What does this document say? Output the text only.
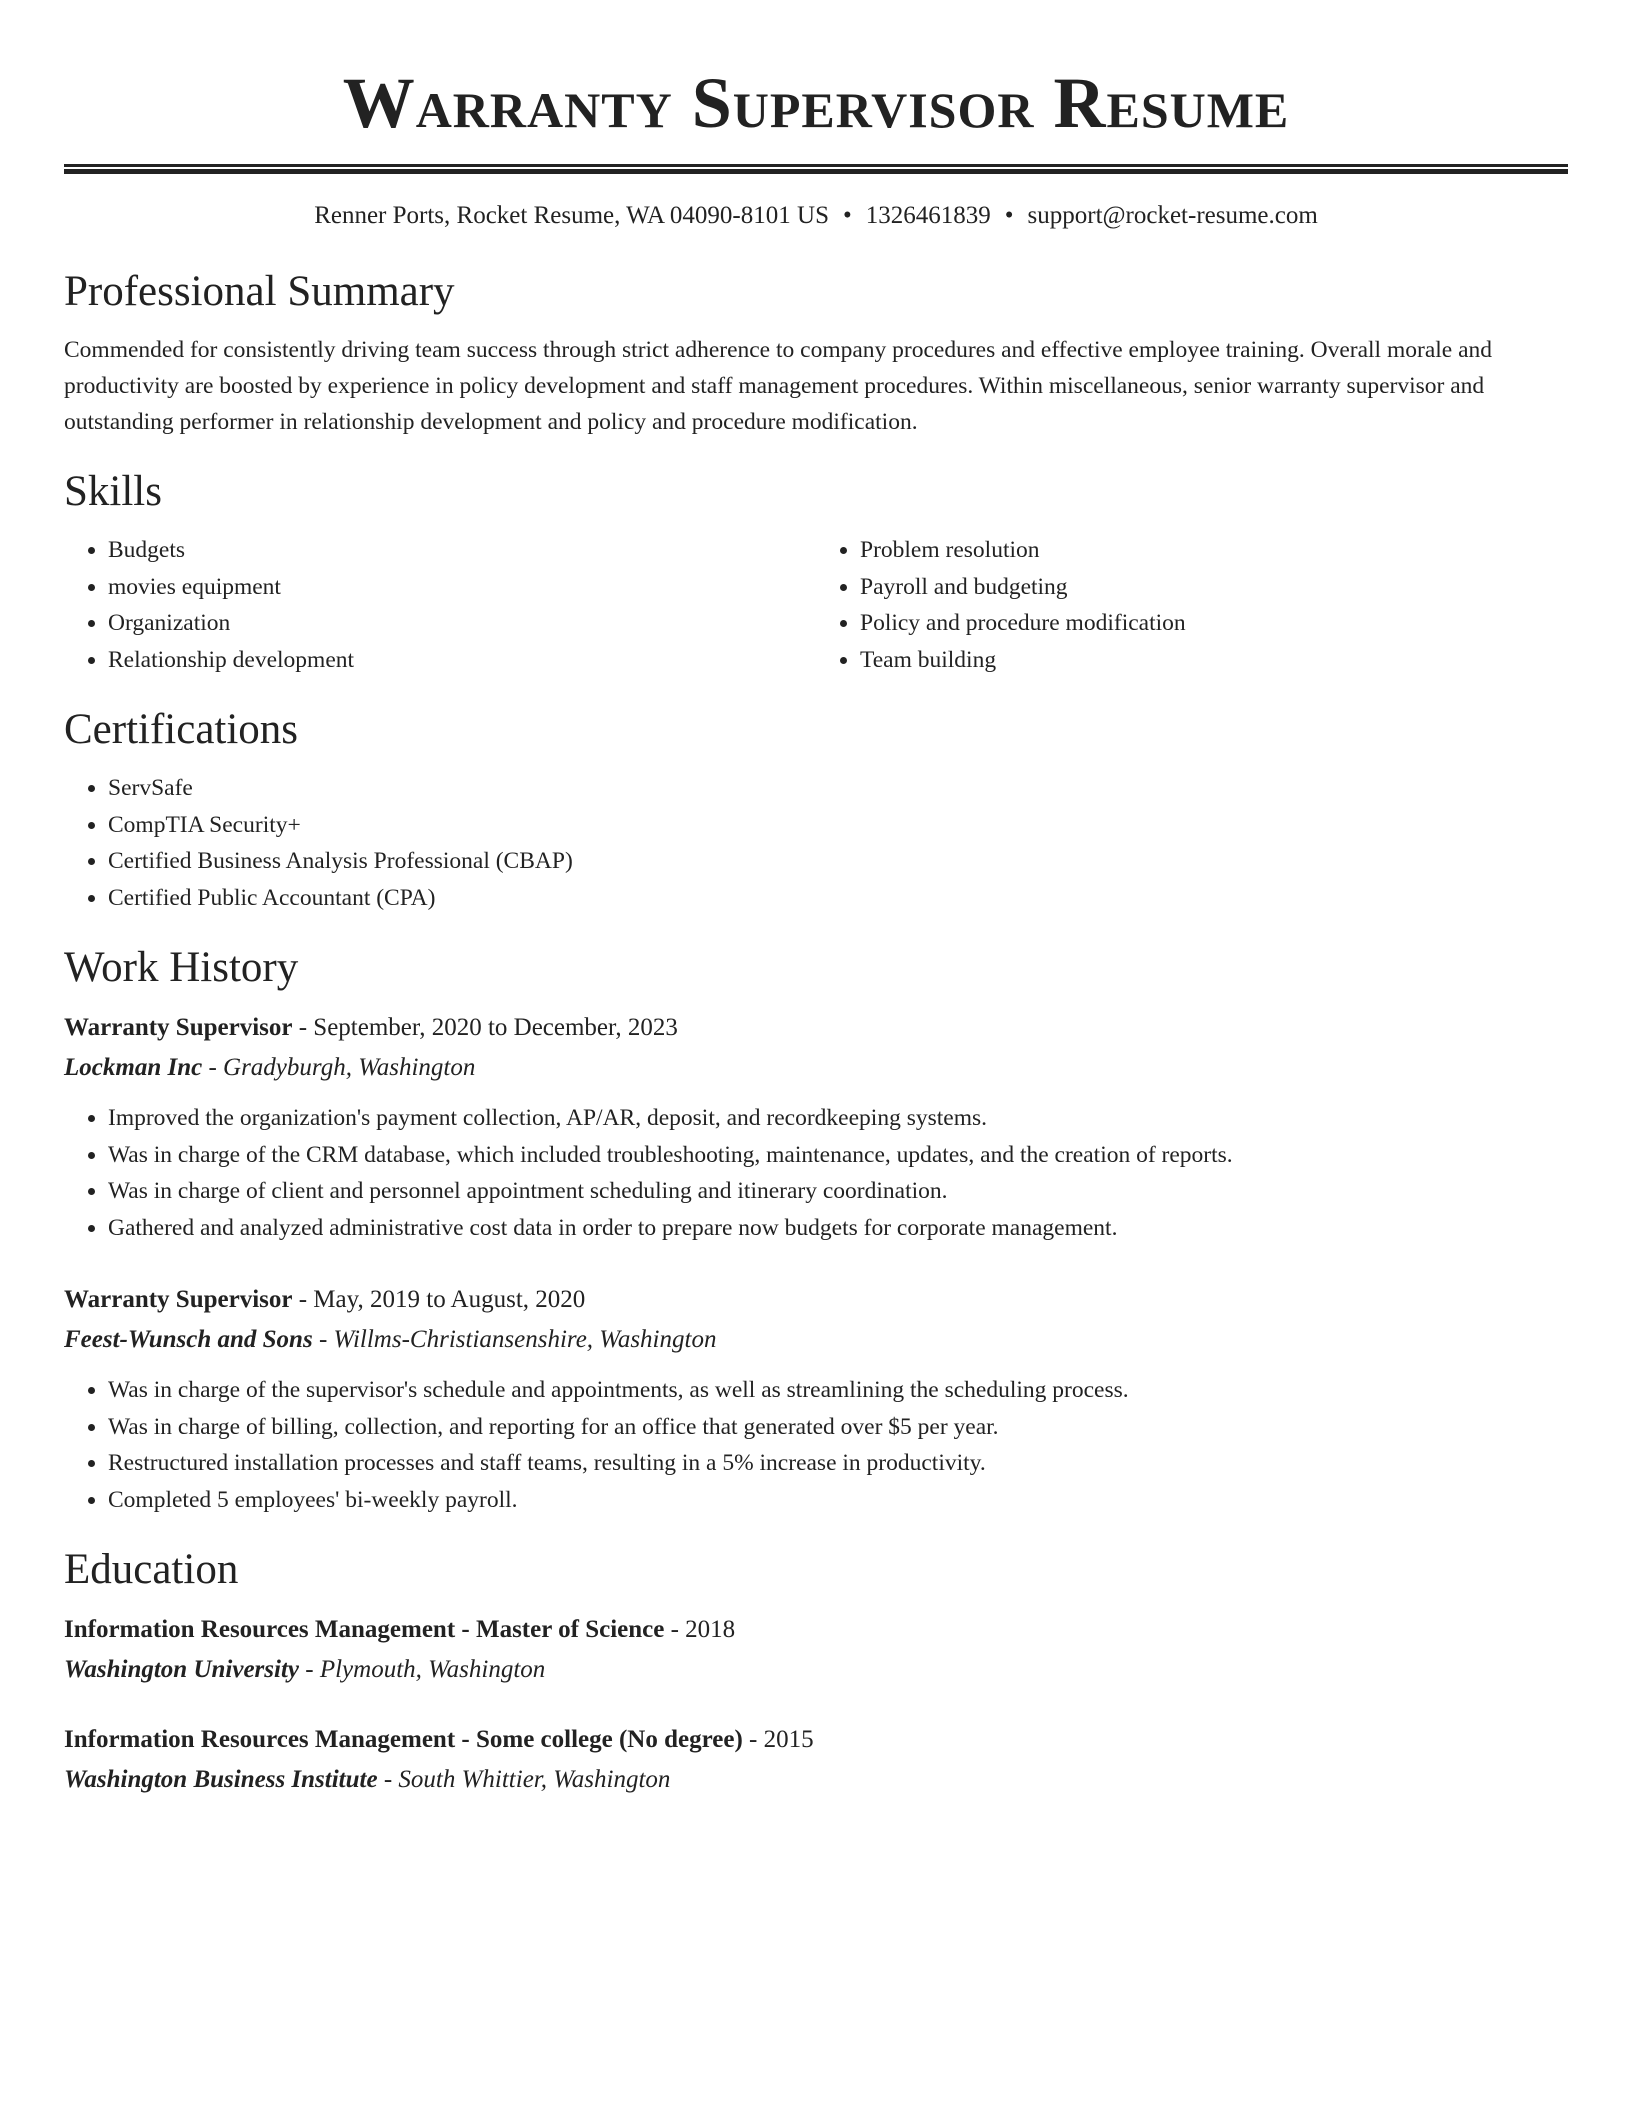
Warranty Supervisor Resume
Renner Ports, Rocket Resume, WA 04090-8101 US • 1326461839 • support@rocket-resume.com
Professional Summary

Commended for consistently driving team success through strict adherence to company procedures and effective employee training. Overall morale and productivity are boosted by experience in policy development and staff management procedures. Within miscellaneous, senior warranty supervisor and outstanding performer in relationship development and policy and procedure modification.

Skills
• Budgets
• movies equipment
• Organization
• Relationship development
• Problem resolution
• Payroll and budgeting
• Policy and procedure modification
• Team building
Certifications
• ServSafe
• CompTIA Security+
• Certified Business Analysis Professional (CBAP)
• Certified Public Accountant (CPA)
Work History
Warranty Supervisor - September, 2020 to December, 2023
Lockman Inc - Gradyburgh, Washington
• Improved the organization's payment collection, AP/AR, deposit, and recordkeeping systems.
• Was in charge of the CRM database, which included troubleshooting, maintenance, updates, and the creation of reports.
• Was in charge of client and personnel appointment scheduling and itinerary coordination.
• Gathered and analyzed administrative cost data in order to prepare now budgets for corporate management.
Warranty Supervisor - May, 2019 to August, 2020
Feest-Wunsch and Sons - Willms-Christiansenshire, Washington
• Was in charge of the supervisor's schedule and appointments, as well as streamlining the scheduling process.
• Was in charge of billing, collection, and reporting for an office that generated over $5 per year.
• Restructured installation processes and staff teams, resulting in a 5% increase in productivity.
• Completed 5 employees' bi-weekly payroll.
Education
Information Resources Management - Master of Science - 2018
Washington University - Plymouth, Washington
Information Resources Management - Some college (No degree) - 2015
Washington Business Institute - South Whittier, Washington
